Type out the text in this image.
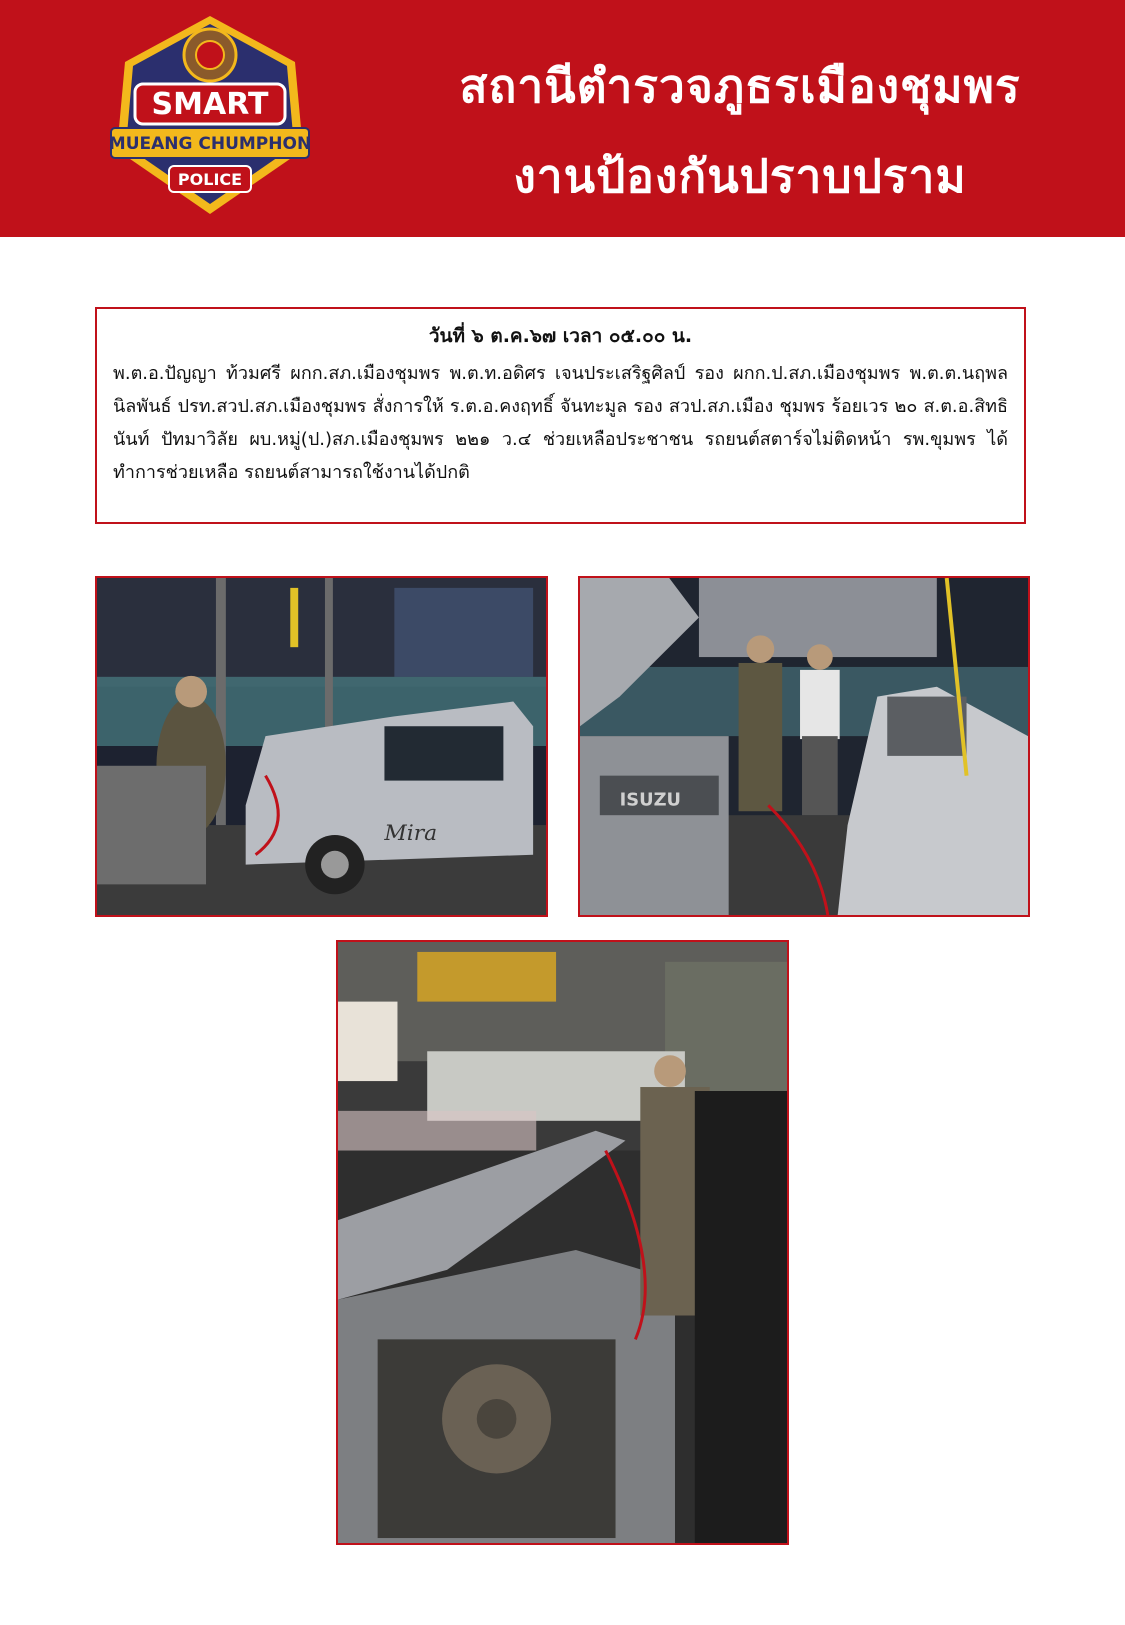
SMART
MUEANG CHUMPHON
POLICE
สถานีตำรวจภูธรเมืองชุมพร
งานป้องกันปราบปราม

วันที่ ๖ ต.ค.๖๗ เวลา ๐๕.๐๐ น.

พ.ต.อ.ปัญญา ท้วมศรี ผกก.สภ.เมืองชุมพร พ.ต.ท.อดิศร เจนประเสริฐศิลป์ รอง ผกก.ป.สภ.เมืองชุมพร พ.ต.ต.นฤพล นิลพันธ์ ปรท.สวป.สภ.เมืองชุมพร สั่งการให้ ร.ต.อ.คงฤทธิ์ จันทะมูล รอง สวป.สภ.เมือง ชุมพร ร้อยเวร ๒๐ ส.ต.อ.สิทธินันท์ ปัทมาวิลัย ผบ.หมู่(ป.)สภ.เมืองชุมพร ๒๒๑ ว.๔ ช่วยเหลือประชาชน รถยนต์สตาร์จไม่ติดหน้า รพ.ขุมพร ได้ทำการช่วยเหลือ รถยนต์สามารถใช้งานได้ปกติ

Mira
ISUZU
